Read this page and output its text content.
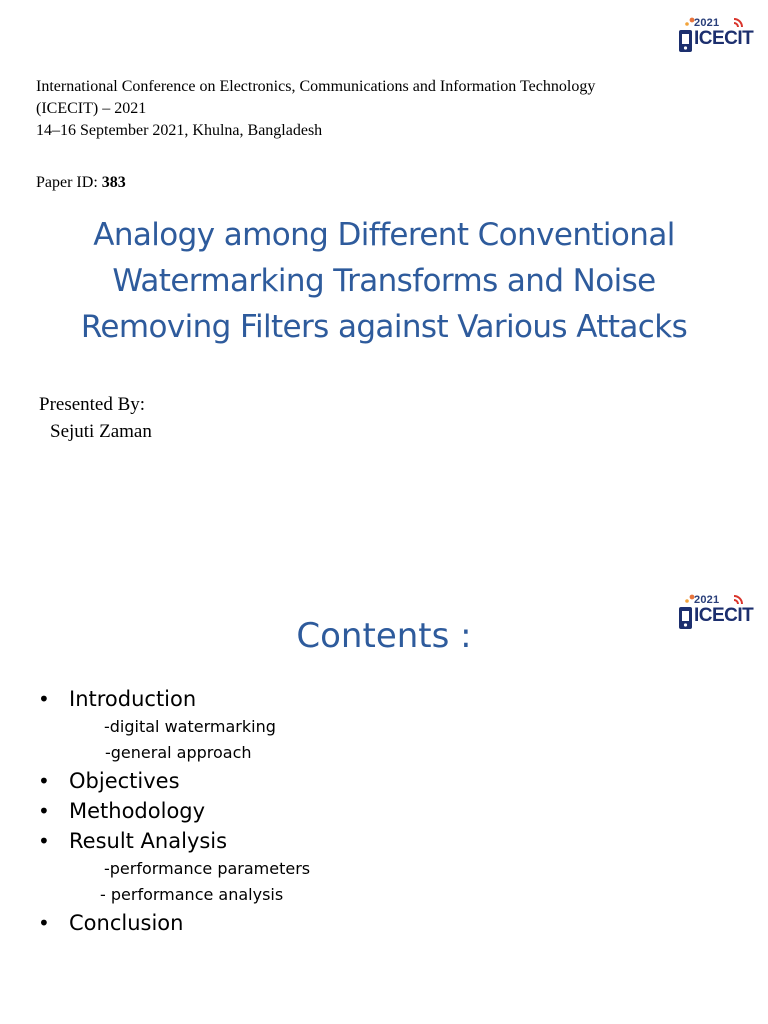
2021
ICECIT
International Conference on Electronics, Communications and Information Technology
(ICECIT) – 2021
14–16 September 2021, Khulna, Bangladesh
Paper ID: 383
Analogy among Different Conventional
Watermarking Transforms and Noise
Removing Filters against Various Attacks
Presented By:
Sejuti Zaman
2021
ICECIT
Contents :
• Introduction
-digital watermarking
-general approach
• Objectives
• Methodology
• Result Analysis
-performance parameters
- performance analysis
• Conclusion
